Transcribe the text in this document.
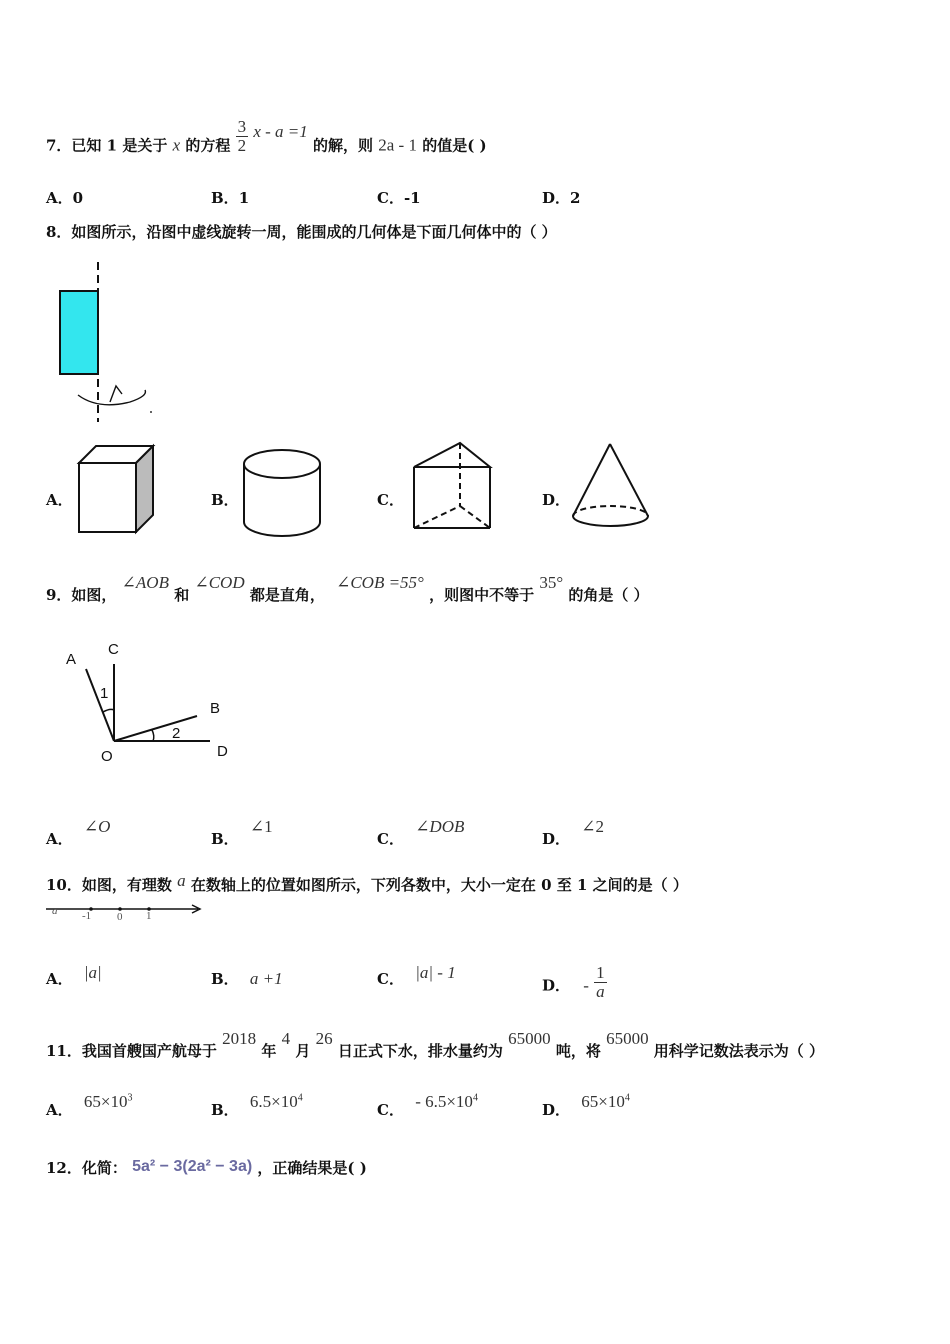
7．已知 1 是关于 x 的方程 $\frac{3}{2}$ x - a =1 的解，则 2a - 1 的值是( )
A．0	B．1	C．-1	D．2
8．如图所示，沿图中虚线旋转一周，能围成的几何体是下面几何体中的（ ）
A．	B．	C．	D．
9．如图， ∠AOB 和 ∠COD 都是直角， ∠COB =55° ，则图中不等于 35° 的角是（ ）
A
C
B
D
O
1
2
A． ∠O
B． ∠1
C． ∠DOB
D． ∠2
10．如图，有理数 a 在数轴上的位置如图所示，下列各数中，大小一定在 0 至 1 之间的是（ ）
a -1 0 1
A． |a|	B． a +1	C． |a| - 1
D． - $\frac{1}{a}$
11．我国首艘国产航母于 2018 年 4 月 26 日正式下水，排水量约为 65000 吨，将 65000 用科学记数法表示为（ ）
A． $65\times 10^3$
B． $6.5\times 10^4$
C． - $6.5\times 10^4$
D． $65\times 10^4$
12．化简： 5a² − 3(2a² − 3a) ，正确结果是( )
